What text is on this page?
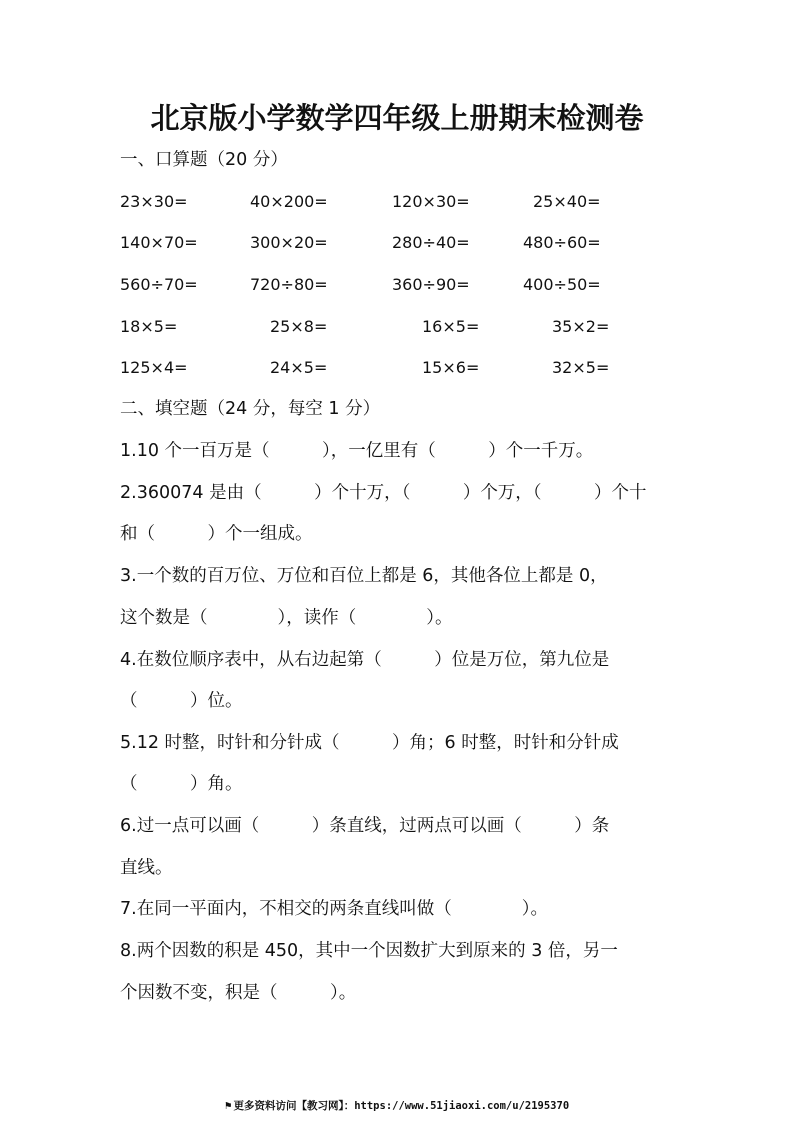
北京版小学数学四年级上册期末检测卷
一、口算题（20 分）
23×30=	40×200=	120×30=	25×40=
140×70=	300×20=	280÷40=	480÷60=
560÷70=	720÷80=	360÷90=	400÷50=
18×5=	25×8=	16×5=	35×2=
125×4=	24×5=	15×6=	32×5=
二、填空题（24 分，每空 1 分）
1.10 个一百万是（　　　），一亿里有（　　　）个一千万。
2.360074 是由（　　　）个十万，（　　　）个万，（　　　）个十
和（　　　）个一组成。
3.一个数的百万位、万位和百位上都是 6，其他各位上都是 0，
这个数是（　　　　），读作（　　　　）。
4.在数位顺序表中，从右边起第（　　　）位是万位，第九位是
（　　　）位。
5.12 时整，时针和分针成（　　　）角；6 时整，时针和分针成
（　　　）角。
6.过一点可以画（　　　）条直线，过两点可以画（　　　）条
直线。
7.在同一平面内，不相交的两条直线叫做（　　　　）。
8.两个因数的积是 450，其中一个因数扩大到原来的 3 倍，另一
个因数不变，积是（　　　）。
⚑ 更多资料访问【教习网】：https://www.51jiaoxi.com/u/2195370
